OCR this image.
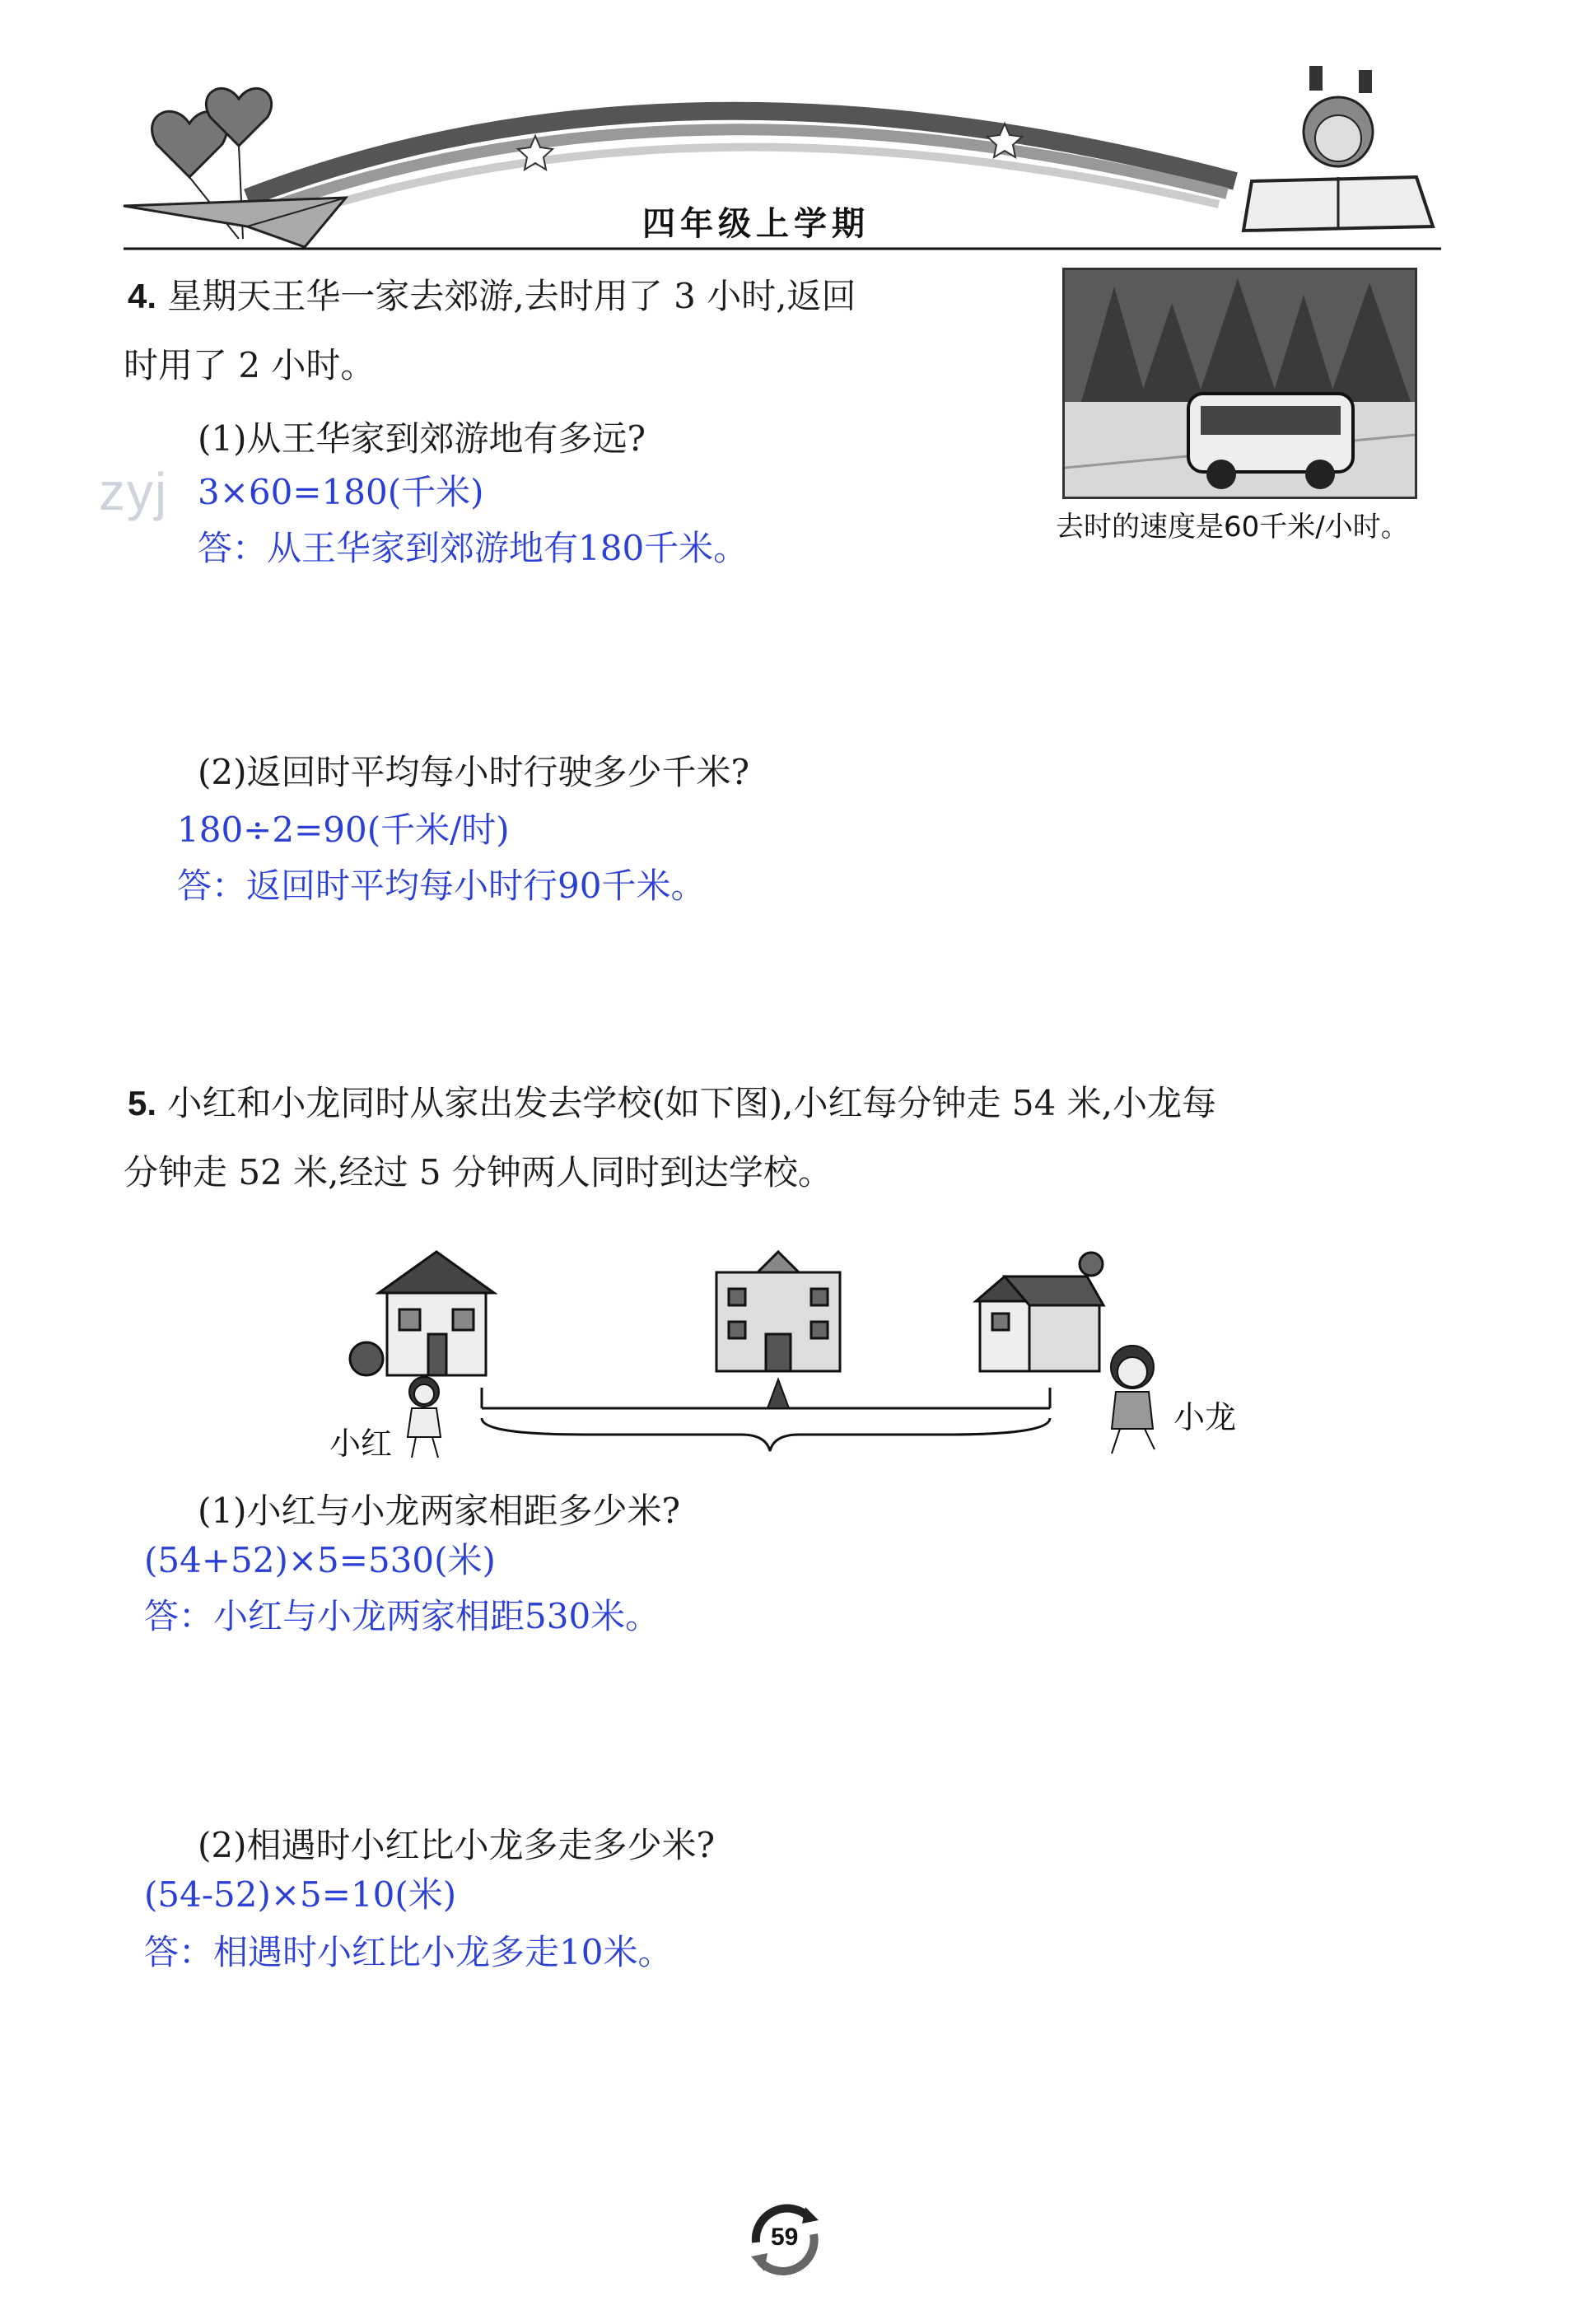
四年级上学期
zyj
4. 星期天王华一家去郊游,去时用了 3 小时,返回
时用了 2 小时。
去时的速度是60千米/小时。
(1)从王华家到郊游地有多远?
3×60=180(千米)
答：从王华家到郊游地有180千米。
(2)返回时平均每小时行驶多少千米?
180÷2=90(千米/时)
答：返回时平均每小时行90千米。
5. 小红和小龙同时从家出发去学校(如下图),小红每分钟走 54 米,小龙每
分钟走 52 米,经过 5 分钟两人同时到达学校。
小红
小龙
(1)小红与小龙两家相距多少米?
(54+52)×5=530(米)
答：小红与小龙两家相距530米。
(2)相遇时小红比小龙多走多少米?
(54-52)×5=10(米)
答：相遇时小红比小龙多走10米。
59
